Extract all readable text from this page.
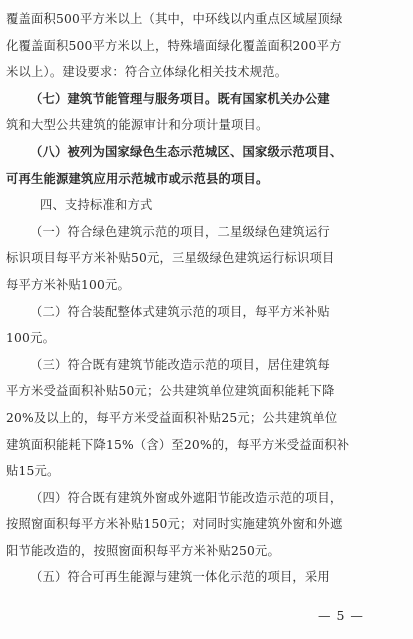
覆盖面积500平方米以上（其中，中环线以内重点区域屋顶绿
化覆盖面积500平方米以上，特殊墙面绿化覆盖面积200平方
米以上）。建设要求：符合立体绿化相关技术规范。
（七）建筑节能管理与服务项目。既有国家机关办公建
筑和大型公共建筑的能源审计和分项计量项目。
（八）被列为国家绿色生态示范城区、国家级示范项目、
可再生能源建筑应用示范城市或示范县的项目。
四、支持标准和方式
（一）符合绿色建筑示范的项目，二星级绿色建筑运行
标识项目每平方米补贴50元，三星级绿色建筑运行标识项目
每平方米补贴100元。
（二）符合装配整体式建筑示范的项目，每平方米补贴
100元。
（三）符合既有建筑节能改造示范的项目，居住建筑每
平方米受益面积补贴50元；公共建筑单位建筑面积能耗下降
20%及以上的，每平方米受益面积补贴25元；公共建筑单位
建筑面积能耗下降15%（含）至20%的，每平方米受益面积补
贴15元。
（四）符合既有建筑外窗或外遮阳节能改造示范的项目，
按照窗面积每平方米补贴150元；对同时实施建筑外窗和外遮
阳节能改造的，按照窗面积每平方米补贴250元。
（五）符合可再生能源与建筑一体化示范的项目，采用
— 5 —
